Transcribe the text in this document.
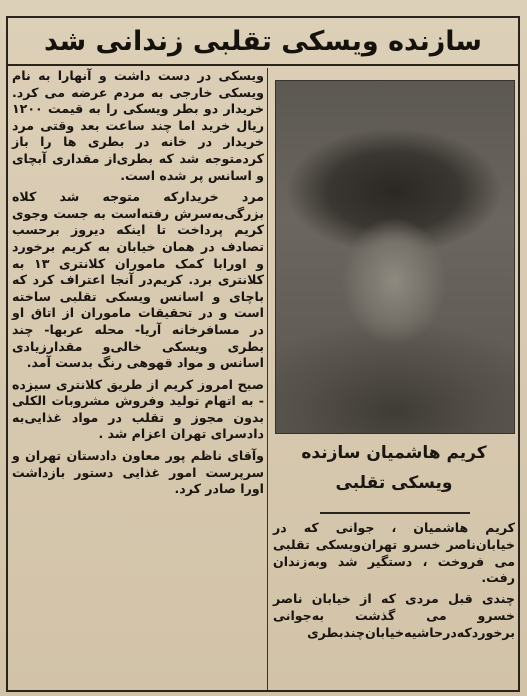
سازنده ویسکی تقلبی زندانی شد

ویسکی در دست داشت و آنهارا به نام ویسکی خارجی به مردم عرضه می کرد. خریدار دو بطر ویسکی را به قیمت ۱۲۰۰ ریال خرید اما چند ساعت بعد وقتی مرد خریدار در خانه در بطری ها را باز کردمتوجه شد که بطری‌از مقداری آبچای و اسانس پر شده است.

مرد خریدارکه متوجه شد کلاه بزرگی‌به‌سرش رفته‌است به جست وجوی کریم پرداخت تا اینکه دیروز برحسب تصادف در همان خیابان به کریم برخورد و اورابا کمک ماموران کلانتری ۱۳ به کلانتری برد. کریم‌در آنجا اعتراف کرد که باچای و اسانس ویسکی تقلبی ساخته است و در تحقیقات ماموران از اتاق او در مسافرخانه آریا- محله عربها- چند بطری ویسکی خالی‌و مقدارزیادی اسانس و مواد قهوهی رنگ بدست آمد.

صبح امروز کریم از طریق کلانتری سیزده - به اتهام تولید وفروش مشروبات الکلی بدون مجوز و تقلب در مواد غذایی‌به دادسرای تهران اعزام شد .

وآقای ناظم پور معاون دادستان تهران و سرپرست امور غذایی دستور بازداشت اورا صادر کرد.

کریم هاشمیان سازنده
ویسکی تقلبی

کریم هاشمیان ، جوانی که در خیابان‌ناصر خسرو تهران‌ویسکی تقلبی می فروخت ، دستگیر شد وبه‌زندان رفت.

چندی قبل مردی که از خیابان ناصر خسرو می گذشت به‌جوانی برخوردکه‌درحاشیه‌خیابان‌چندبطری
